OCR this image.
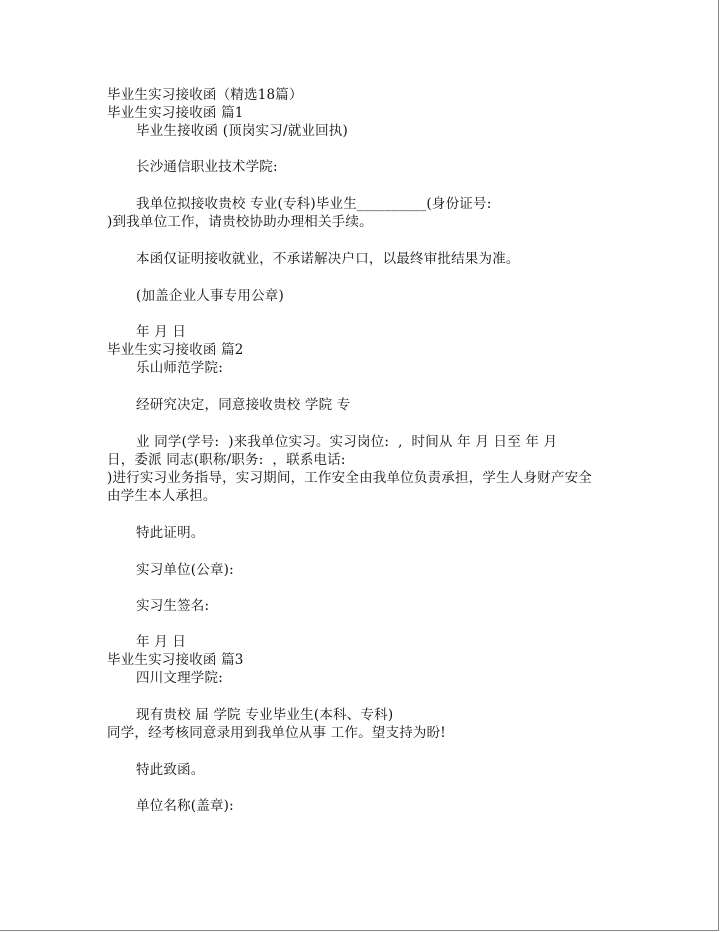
毕业生实习接收函（精选18篇）
毕业生实习接收函 篇1
毕业生接收函 (顶岗实习/就业回执)
长沙通信职业技术学院:
我单位拟接收贵校 专业(专科)毕业生__________(身份证号:
)到我单位工作，请贵校协助办理相关手续。
本函仅证明接收就业，不承诺解决户口，以最终审批结果为准。
(加盖企业人事专用公章)
年 月 日
毕业生实习接收函 篇2
乐山师范学院:
经研究决定，同意接收贵校 学院 专
业 同学(学号:  )来我单位实习。实习岗位:  ,  时间从 年 月 日至 年 月
日，委派 同志(职称/职务:  ，联系电话:
)进行实习业务指导，实习期间，工作安全由我单位负责承担，学生人身财产安全
由学生本人承担。
特此证明。
实习单位(公章):
实习生签名:
年 月 日
毕业生实习接收函 篇3
四川文理学院:
现有贵校 届 学院 专业毕业生(本科、专科)
同学，经考核同意录用到我单位从事 工作。望支持为盼!
特此致函。
单位名称(盖章):
